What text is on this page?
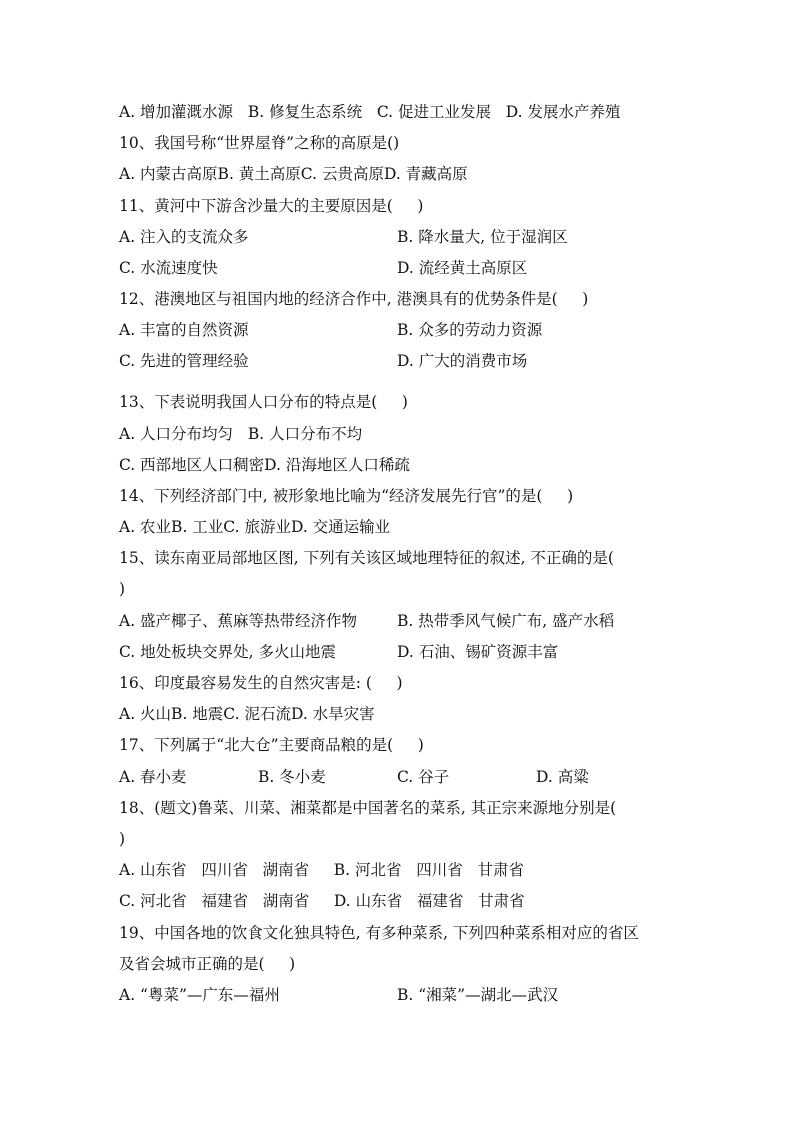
A. 增加灌溉水源   B. 修复生态系统   C. 促进工业发展   D. 发展水产养殖
10、我国号称“世界屋脊”之称的高原是()
A. 内蒙古高原B. 黄土高原C. 云贵高原D. 青藏高原
11、黄河中下游含沙量大的主要原因是(     )
A. 注入的支流众多	B. 降水量大, 位于湿润区
C. 水流速度快	D. 流经黄土高原区
12、港澳地区与祖国内地的经济合作中, 港澳具有的优势条件是(     )
A. 丰富的自然资源	B. 众多的劳动力资源
C. 先进的管理经验	D. 广大的消费市场
13、下表说明我国人口分布的特点是(     )
A. 人口分布均匀   B. 人口分布不均
C. 西部地区人口稠密D. 沿海地区人口稀疏
14、下列经济部门中, 被形象地比喻为“经济发展先行官”的是(     )
A. 农业B. 工业C. 旅游业D. 交通运输业
15、读东南亚局部地区图, 下列有关该区域地理特征的叙述, 不正确的是(
)
A. 盛产椰子、蕉麻等热带经济作物	B. 热带季风气候广布, 盛产水稻
C. 地处板块交界处, 多火山地震	D. 石油、锡矿资源丰富
16、印度最容易发生的自然灾害是: (     )
A. 火山B. 地震C. 泥石流D. 水旱灾害
17、下列属于“北大仓”主要商品粮的是(     )
A. 春小麦	B. 冬小麦	C. 谷子	D. 高粱
18、(题文)鲁菜、川菜、湘菜都是中国著名的菜系, 其正宗来源地分别是(
)
A. 山东省   四川省   湖南省     B. 河北省   四川省   甘肃省
C. 河北省   福建省   湖南省     D. 山东省   福建省   甘肃省
19、中国各地的饮食文化独具特色, 有多种菜系, 下列四种菜系相对应的省区
及省会城市正确的是(     )
A. “粤菜”—广东—福州	B. “湘菜”—湖北—武汉
